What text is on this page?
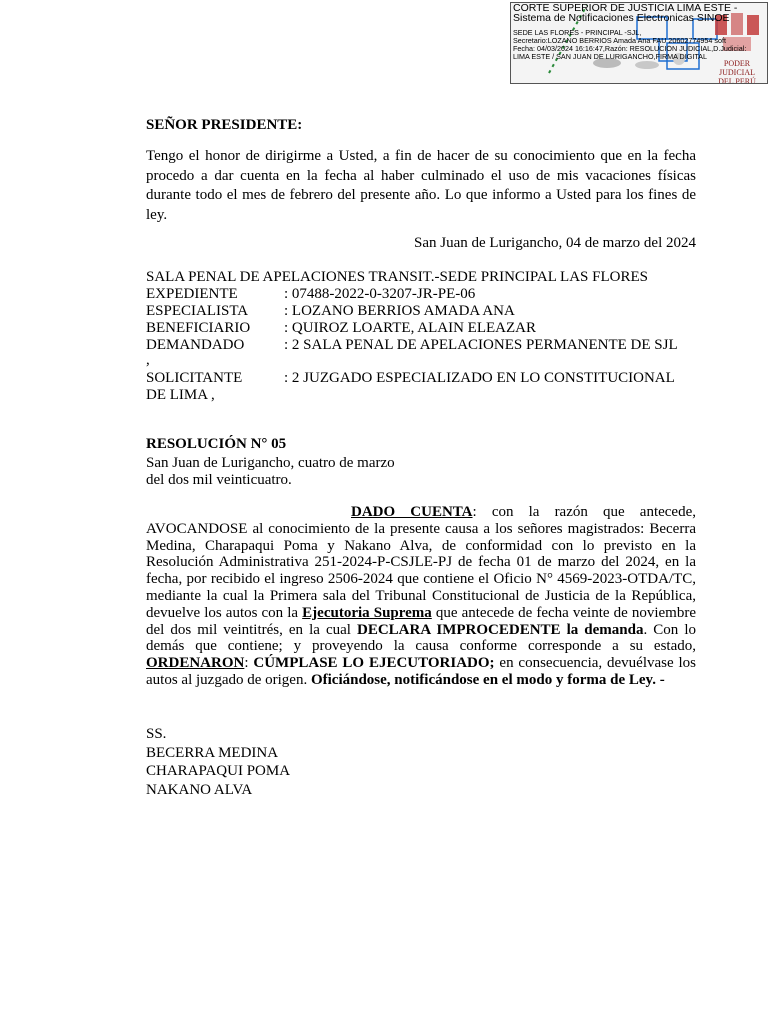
CORTE SUPERIOR DE JUSTICIA LIMA ESTE -
Sistema de Notificaciones Electronicas SINOE
SEDE LAS FLORES - PRINCIPAL -SJL,
Secretario:LOZANO BERRIOS Amada Ana FAU 20602774954 soft
Fecha: 04/03/2024 16:16:47,Razón: RESOLUCIÓN JUDICIAL,D.Judicial:
LIMA ESTE / SAN JUAN DE LURIGANCHO,FIRMA DIGITAL
PODER JUDICIAL
DEL PERÚ
SEÑOR PRESIDENTE:
Tengo el honor de dirigirme a Usted, a fin de hacer de su conocimiento que en la fecha procedo a dar cuenta en la fecha al haber culminado el uso de mis vacaciones físicas durante todo el mes de febrero del presente año. Lo que informo a Usted para los fines de ley.
San Juan de Lurigancho, 04 de marzo del 2024
SALA PENAL DE APELACIONES TRANSIT.-SEDE PRINCIPAL LAS FLORES
EXPEDIENTE	: 07488-2022-0-3207-JR-PE-06
ESPECIALISTA : LOZANO BERRIOS AMADA ANA
BENEFICIARIO : QUIROZ LOARTE, ALAIN ELEAZAR
DEMANDADO	: 2 SALA PENAL DE APELACIONES PERMANENTE DE SJL
,
SOLICITANTE	: 2 JUZGADO ESPECIALIZADO EN LO CONSTITUCIONAL
DE LIMA ,
RESOLUCIÓN N° 05
San Juan de Lurigancho, cuatro de marzo
del dos mil veinticuatro.
DADO CUENTA: con la razón que antecede, AVOCANDOSE al conocimiento de la presente causa a los señores magistrados: Becerra Medina, Charapaqui Poma y Nakano Alva, de conformidad con lo previsto en la Resolución Administrativa 251-2024-P-CSJLE-PJ de fecha 01 de marzo del 2024, en la fecha, por recibido el ingreso 2506-2024 que contiene el Oficio N° 4569-2023-OTDA/TC, mediante la cual la Primera sala del Tribunal Constitucional de Justicia de la República, devuelve los autos con la Ejecutoria Suprema que antecede de fecha veinte de noviembre del dos mil veintitrés, en la cual DECLARA IMPROCEDENTE la demanda. Con lo demás que contiene; y proveyendo la causa conforme corresponde a su estado, ORDENARON: CÚMPLASE LO EJECUTORIADO; en consecuencia, devuélvase los autos al juzgado de origen. Oficiándose, notificándose en el modo y forma de Ley. -
SS.
BECERRA MEDINA
CHARAPAQUI POMA
NAKANO ALVA
